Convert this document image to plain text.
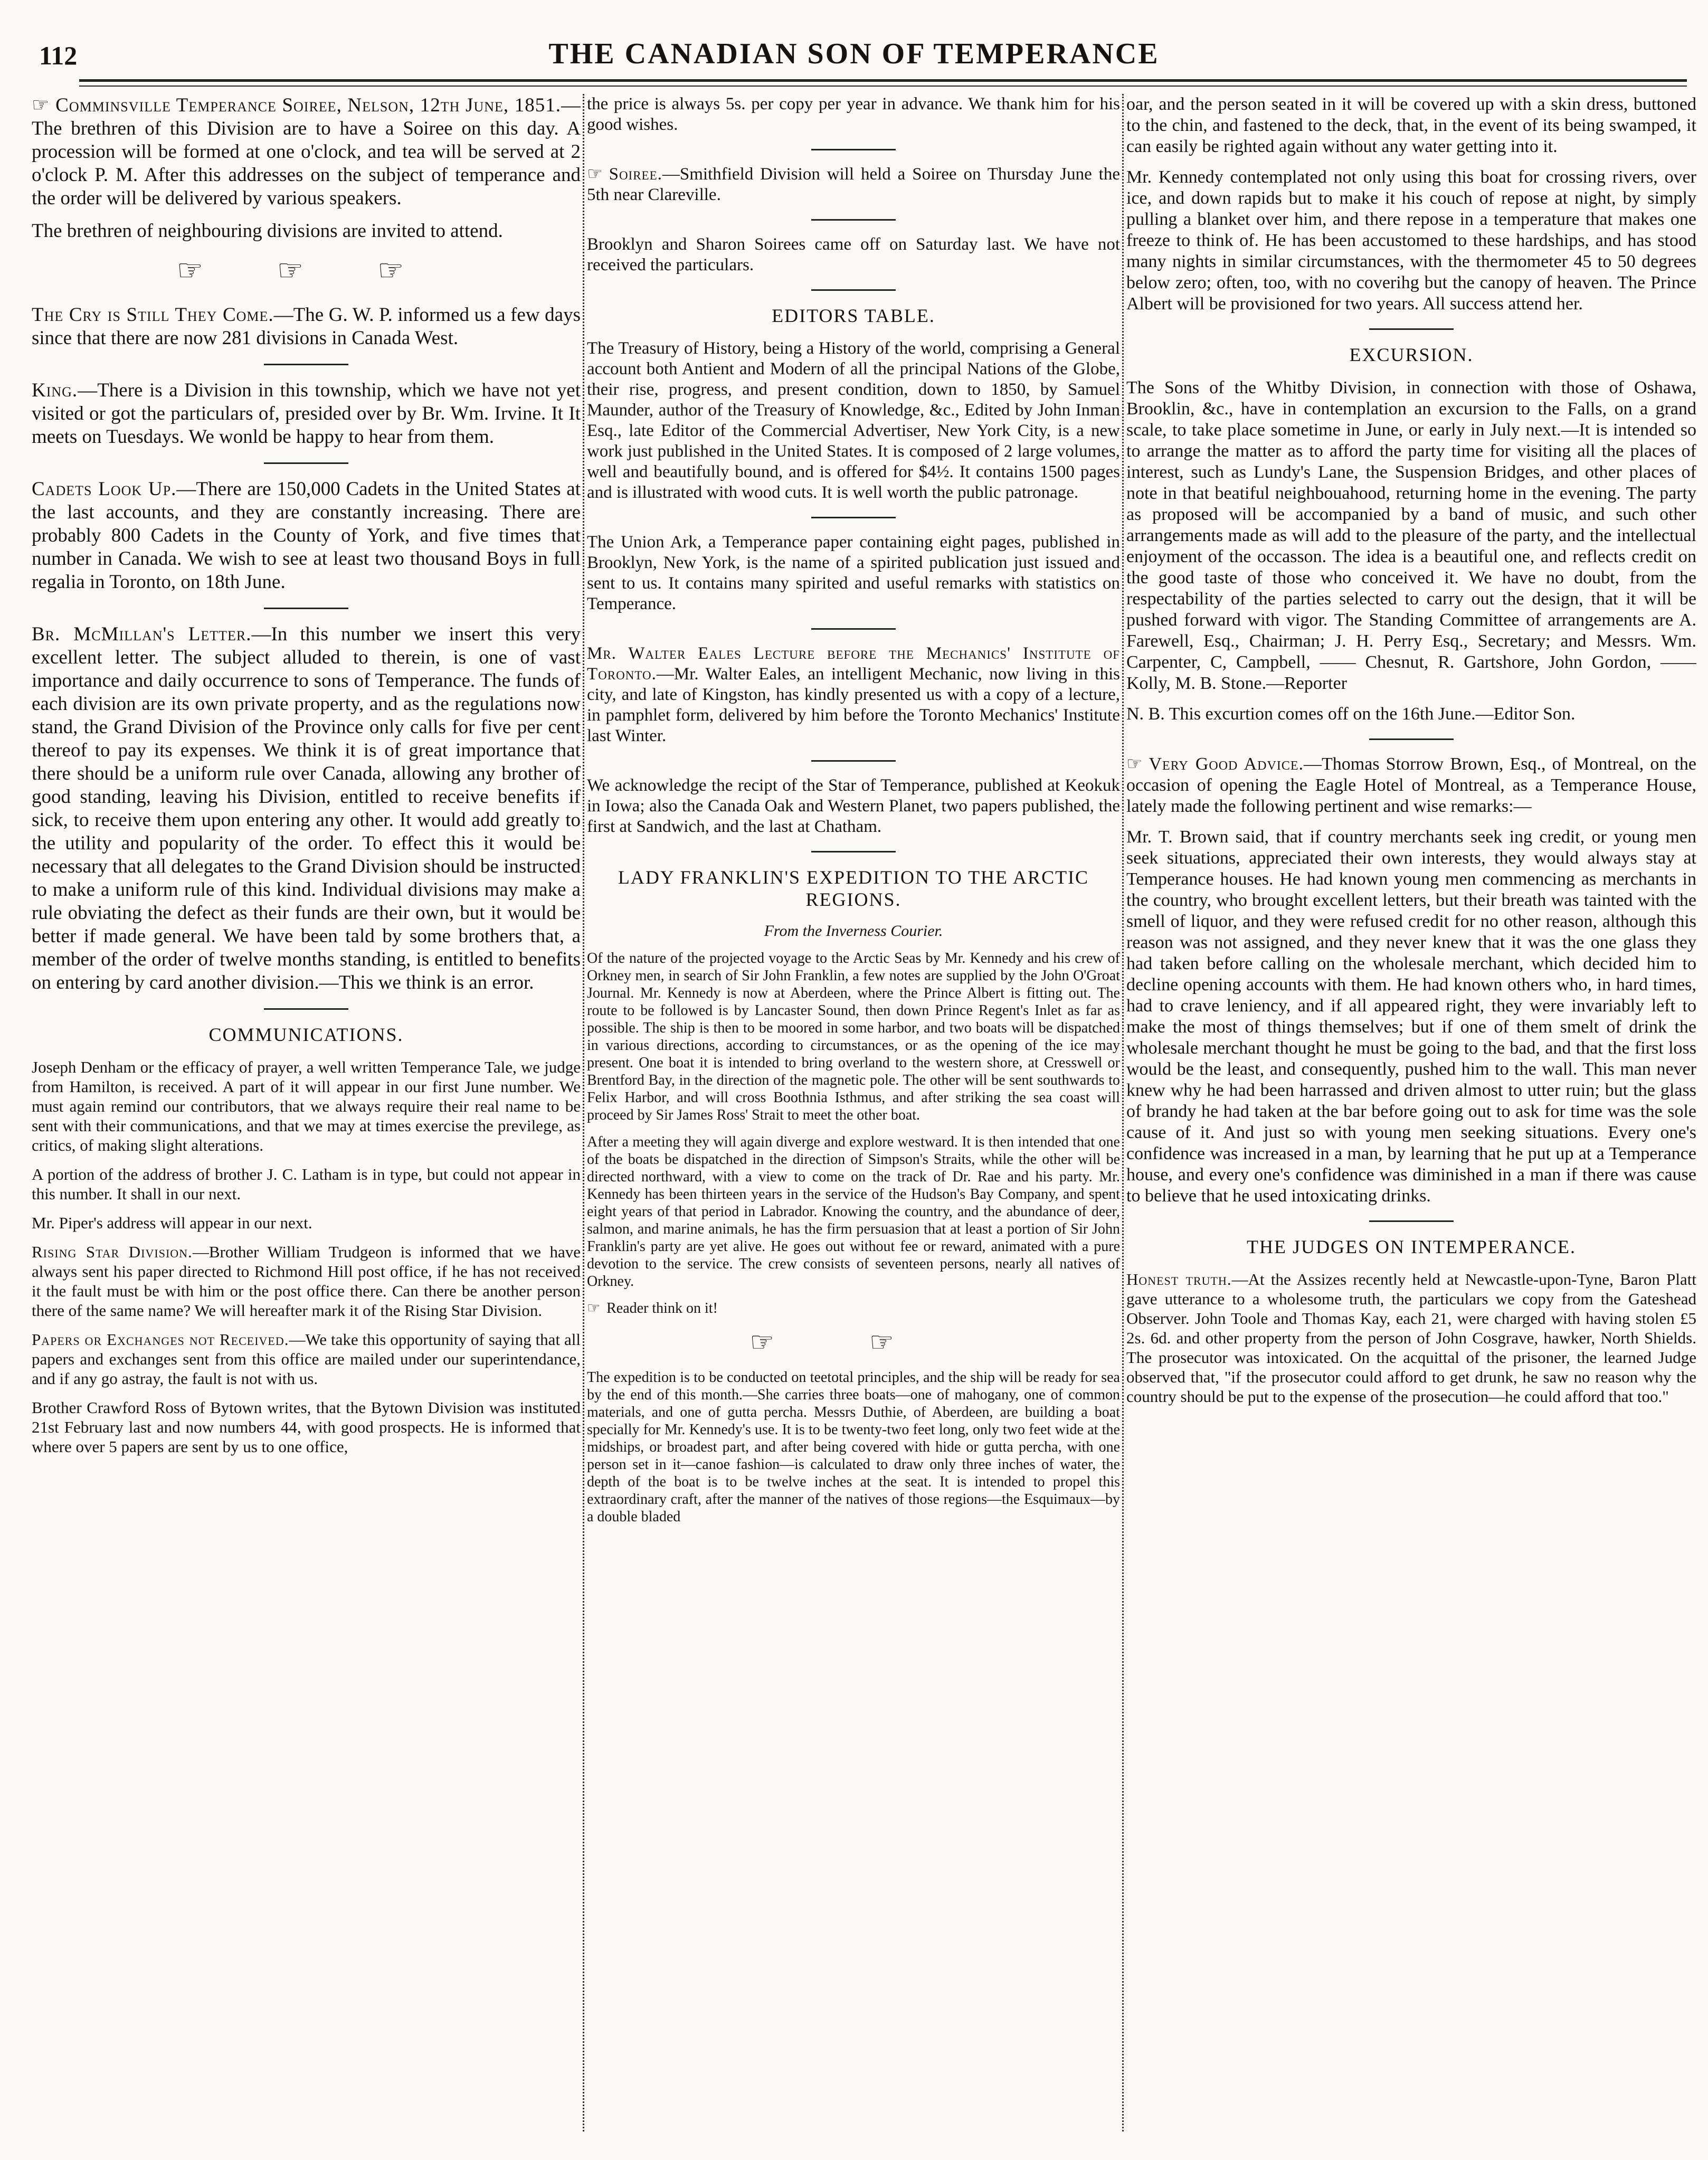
112	THE CANADIAN SON OF TEMPERANCE

☞ Comminsville Temperance Soiree, Nelson, 12th June, 1851.—The brethren of this Division are to have a Soiree on this day. A procession will be formed at one o'clock, and tea will be served at 2 o'clock P. M. After this addresses on the subject of temperance and the order will be delivered by various speakers.

The brethren of neighbouring divisions are invited to attend.

☞☞☞

The Cry is Still They Come.—The G. W. P. informed us a few days since that there are now 281 divisions in Canada West.

King.—There is a Division in this township, which we have not yet visited or got the particulars of, presided over by Br. Wm. Irvine. It It meets on Tuesdays. We wonld be happy to hear from them.

Cadets Look Up.—There are 150,000 Cadets in the United States at the last accounts, and they are constantly increasing. There are probably 800 Cadets in the County of York, and five times that number in Canada. We wish to see at least two thousand Boys in full regalia in Toronto, on 18th June.

Br. McMillan's Letter.—In this number we insert this very excellent letter. The subject alluded to therein, is one of vast importance and daily occurrence to sons of Temperance. The funds of each division are its own private property, and as the regulations now stand, the Grand Division of the Province only calls for five per cent thereof to pay its expenses. We think it is of great importance that there should be a uniform rule over Canada, allowing any brother of good standing, leaving his Division, entitled to receive benefits if sick, to receive them upon entering any other. It would add greatly to the utility and popularity of the order. To effect this it would be necessary that all delegates to the Grand Division should be instructed to make a uniform rule of this kind. Individual divisions may make a rule obviating the defect as their funds are their own, but it would be better if made general. We have been tald by some brothers that, a member of the order of twelve months standing, is entitled to benefits on entering by card another division.—This we think is an error.

COMMUNICATIONS.

Joseph Denham or the efficacy of prayer, a well written Temperance Tale, we judge from Hamilton, is received. A part of it will appear in our first June number. We must again remind our contributors, that we always require their real name to be sent with their communications, and that we may at times exercise the previlege, as critics, of making slight alterations.

A portion of the address of brother J. C. Latham is in type, but could not appear in this number. It shall in our next.

Mr. Piper's address will appear in our next.

Rising Star Division.—Brother William Trudgeon is informed that we have always sent his paper directed to Richmond Hill post office, if he has not received it the fault must be with him or the post office there. Can there be another person there of the same name? We will hereafter mark it of the Rising Star Division.

Papers or Exchanges not Received.—We take this opportunity of saying that all papers and exchanges sent from this office are mailed under our superintendance, and if any go astray, the fault is not with us.

Brother Crawford Ross of Bytown writes, that the Bytown Division was instituted 21st February last and now numbers 44, with good prospects. He is informed that where over 5 papers are sent by us to one office,

the price is always 5s. per copy per year in advance. We thank him for his good wishes.

☞ Soiree.—Smithfield Division will held a Soiree on Thursday June the 5th near Clareville.

Brooklyn and Sharon Soirees came off on Saturday last. We have not received the particulars.

EDITORS TABLE.

The Treasury of History, being a History of the world, comprising a General account both Antient and Modern of all the principal Nations of the Globe, their rise, progress, and present condition, down to 1850, by Samuel Maunder, author of the Treasury of Knowledge, &c., Edited by John Inman Esq., late Editor of the Commercial Advertiser, New York City, is a new work just published in the United States. It is composed of 2 large volumes, well and beautifully bound, and is offered for $4½. It contains 1500 pages and is illustrated with wood cuts. It is well worth the public patronage.

The Union Ark, a Temperance paper containing eight pages, published in Brooklyn, New York, is the name of a spirited publication just issued and sent to us. It contains many spirited and useful remarks with statistics on Temperance.

Mr. Walter Eales Lecture before the Mechanics' Institute of Toronto.—Mr. Walter Eales, an intelligent Mechanic, now living in this city, and late of Kingston, has kindly presented us with a copy of a lecture, in pamphlet form, delivered by him before the Toronto Mechanics' Institute last Winter.

We acknowledge the recipt of the Star of Temperance, published at Keokuk in Iowa; also the Canada Oak and Western Planet, two papers published, the first at Sandwich, and the last at Chatham.

LADY FRANKLIN'S EXPEDITION TO THE ARCTIC REGIONS.
From the Inverness Courier.

Of the nature of the projected voyage to the Arctic Seas by Mr. Kennedy and his crew of Orkney men, in search of Sir John Franklin, a few notes are supplied by the John O'Groat Journal. Mr. Kennedy is now at Aberdeen, where the Prince Albert is fitting out. The route to be followed is by Lancaster Sound, then down Prince Regent's Inlet as far as possible. The ship is then to be moored in some harbor, and two boats will be dispatched in various directions, according to circumstances, or as the opening of the ice may present. One boat it is intended to bring overland to the western shore, at Cresswell or Brentford Bay, in the direction of the magnetic pole. The other will be sent southwards to Felix Harbor, and will cross Boothnia Isthmus, and after striking the sea coast will proceed by Sir James Ross' Strait to meet the other boat.

After a meeting they will again diverge and explore westward. It is then intended that one of the boats be dispatched in the direction of Simpson's Straits, while the other will be directed northward, with a view to come on the track of Dr. Rae and his party. Mr. Kennedy has been thirteen years in the service of the Hudson's Bay Company, and spent eight years of that period in Labrador. Knowing the country, and the abundance of deer, salmon, and marine animals, he has the firm persuasion that at least a portion of Sir John Franklin's party are yet alive. He goes out without fee or reward, animated with a pure devotion to the service. The crew consists of seventeen persons, nearly all natives of Orkney.

☞ Reader think on it!

☞☞

The expedition is to be conducted on teetotal principles, and the ship will be ready for sea by the end of this month.—She carries three boats—one of mahogany, one of common materials, and one of gutta percha. Messrs Duthie, of Aberdeen, are building a boat specially for Mr. Kennedy's use. It is to be twenty-two feet long, only two feet wide at the midships, or broadest part, and after being covered with hide or gutta percha, with one person set in it—canoe fashion—is calculated to draw only three inches of water, the depth of the boat is to be twelve inches at the seat. It is intended to propel this extraordinary craft, after the manner of the natives of those regions—the Esquimaux—by a double bladed

oar, and the person seated in it will be covered up with a skin dress, buttoned to the chin, and fastened to the deck, that, in the event of its being swamped, it can easily be righted again without any water getting into it.

Mr. Kennedy contemplated not only using this boat for crossing rivers, over ice, and down rapids but to make it his couch of repose at night, by simply pulling a blanket over him, and there repose in a temperature that makes one freeze to think of. He has been accustomed to these hardships, and has stood many nights in similar circumstances, with the thermometer 45 to 50 degrees below zero; often, too, with no coverihg but the canopy of heaven. The Prince Albert will be provisioned for two years. All success attend her.

EXCURSION.

The Sons of the Whitby Division, in connection with those of Oshawa, Brooklin, &c., have in contemplation an excursion to the Falls, on a grand scale, to take place sometime in June, or early in July next.—It is intended so to arrange the matter as to afford the party time for visiting all the places of interest, such as Lundy's Lane, the Suspension Bridges, and other places of note in that beatiful neighbouahood, returning home in the evening. The party as proposed will be accompanied by a band of music, and such other arrangements made as will add to the pleasure of the party, and the intellectual enjoyment of the occasson. The idea is a beautiful one, and reflects credit on the good taste of those who conceived it. We have no doubt, from the respectability of the parties selected to carry out the design, that it will be pushed forward with vigor. The Standing Committee of arrangements are A. Farewell, Esq., Chairman; J. H. Perry Esq., Secretary; and Messrs. Wm. Carpenter, C, Campbell, —— Chesnut, R. Gartshore, John Gordon, —— Kolly, M. B. Stone.—Reporter

N. B. This excurtion comes off on the 16th June.—Editor Son.

☞ Very Good Advice.—Thomas Storrow Brown, Esq., of Montreal, on the occasion of opening the Eagle Hotel of Montreal, as a Temperance House, lately made the following pertinent and wise remarks:—

Mr. T. Brown said, that if country merchants seek ing credit, or young men seek situations, appreciated their own interests, they would always stay at Temperance houses. He had known young men commencing as merchants in the country, who brought excellent letters, but their breath was tainted with the smell of liquor, and they were refused credit for no other reason, although this reason was not assigned, and they never knew that it was the one glass they had taken before calling on the wholesale merchant, which decided him to decline opening accounts with them. He had known others who, in hard times, had to crave leniency, and if all appeared right, they were invariably left to make the most of things themselves; but if one of them smelt of drink the wholesale merchant thought he must be going to the bad, and that the first loss would be the least, and consequently, pushed him to the wall. This man never knew why he had been harrassed and driven almost to utter ruin; but the glass of brandy he had taken at the bar before going out to ask for time was the sole cause of it. And just so with young men seeking situations. Every one's confidence was increased in a man, by learning that he put up at a Temperance house, and every one's confidence was diminished in a man if there was cause to believe that he used intoxicating drinks.

THE JUDGES ON INTEMPERANCE.

Honest truth.—At the Assizes recently held at Newcastle-upon-Tyne, Baron Platt gave utterance to a wholesome truth, the particulars we copy from the Gateshead Observer. John Toole and Thomas Kay, each 21, were charged with having stolen £5 2s. 6d. and other property from the person of John Cosgrave, hawker, North Shields. The prosecutor was intoxicated. On the acquittal of the prisoner, the learned Judge observed that, "if the prosecutor could afford to get drunk, he saw no reason why the country should be put to the expense of the prosecution—he could afford that too."
